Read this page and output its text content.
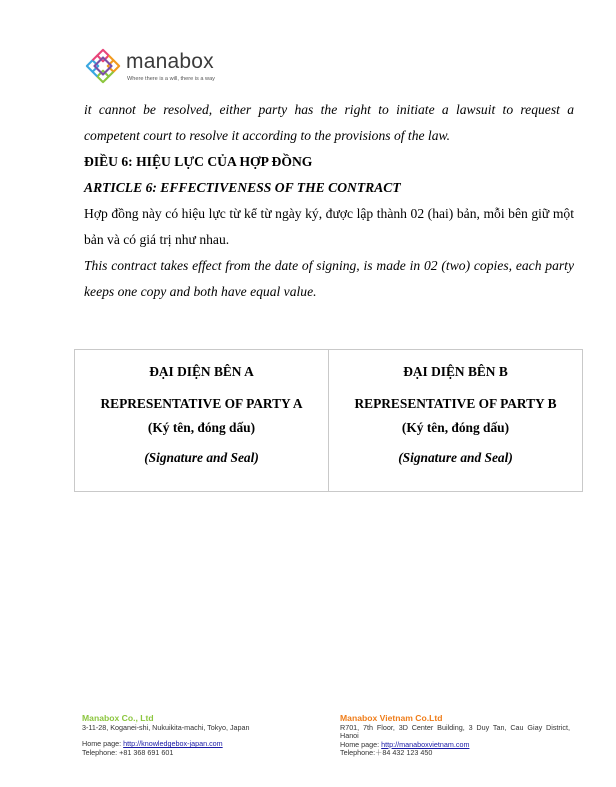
manabox
Where there is a will, there is a way

it cannot be resolved, either party has the right to initiate a lawsuit to request a competent court to resolve it according to the provisions of the law.

ĐIỀU 6: HIỆU LỰC CỦA HỢP ĐỒNG

ARTICLE 6: EFFECTIVENESS OF THE CONTRACT

Hợp đồng này có hiệu lực từ kể từ ngày ký, được lập thành 02 (hai) bản, mỗi bên giữ một bản và có giá trị như nhau.

This contract takes effect from the date of signing, is made in 02 (two) copies, each party keeps one copy and both have equal value.

ĐẠI DIỆN BÊN A

REPRESENTATIVE OF PARTY A

(Ký tên, đóng dấu)

(Signature and Seal)

ĐẠI DIỆN BÊN B

REPRESENTATIVE OF PARTY B

(Ký tên, đóng dấu)

(Signature and Seal)

Manabox Co., Ltd

3-11-28, Koganei-shi, Nukuikita-machi, Tokyo, Japan

Home page: http://knowledgebox-japan.com

Telephone: +81 368 691 601

Manabox Vietnam Co.Ltd

R701, 7th Floor, 3D Center Building, 3 Duy Tan, Cau Giay District, Hanoi

Home page: http://manaboxvietnam.com

Telephone:＋84 432 123 450
